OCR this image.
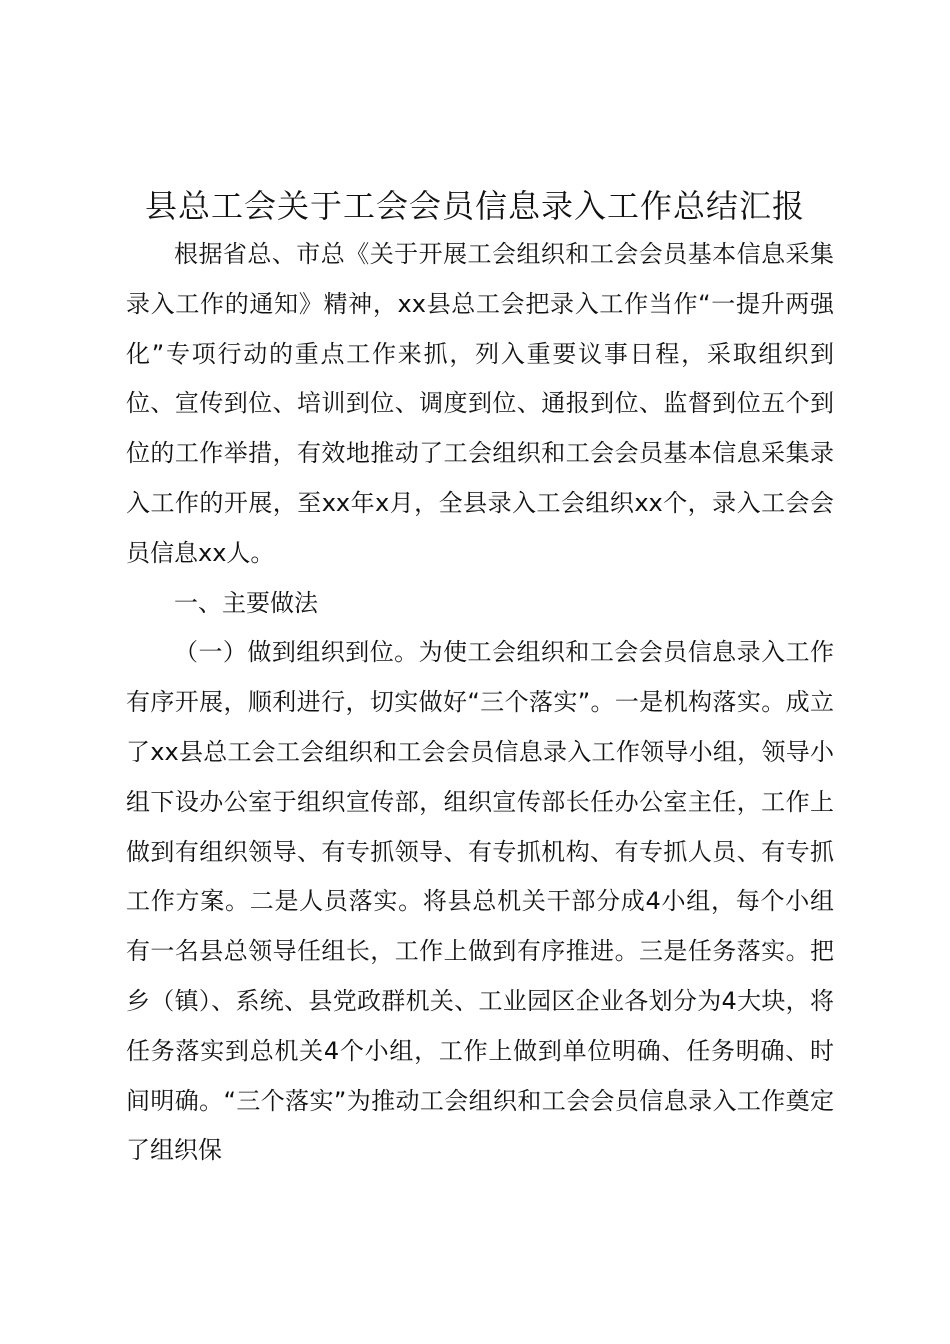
县总工会关于工会会员信息录入工作总结汇报

根据省总、市总《关于开展工会组织和工会会员基本信息采集录入工作的通知》精神，xx县总工会把录入工作当作“一提升两强化”专项行动的重点工作来抓，列入重要议事日程，采取组织到位、宣传到位、培训到位、调度到位、通报到位、监督到位五个到位的工作举措，有效地推动了工会组织和工会会员基本信息采集录入工作的开展，至xx年x月，全县录入工会组织xx个，录入工会会员信息xx人。

一、主要做法

（一）做到组织到位。为使工会组织和工会会员信息录入工作有序开展，顺利进行，切实做好“三个落实”。一是机构落实。成立了xx县总工会工会组织和工会会员信息录入工作领导小组，领导小组下设办公室于组织宣传部，组织宣传部长任办公室主任，工作上做到有组织领导、有专抓领导、有专抓机构、有专抓人员、有专抓工作方案。二是人员落实。将县总机关干部分成4小组，每个小组有一名县总领导任组长，工作上做到有序推进。三是任务落实。把乡（镇）、系统、县党政群机关、工业园区企业各划分为4大块，将任务落实到总机关4个小组，工作上做到单位明确、任务明确、时间明确。“三个落实”为推动工会组织和工会会员信息录入工作奠定了组织保
